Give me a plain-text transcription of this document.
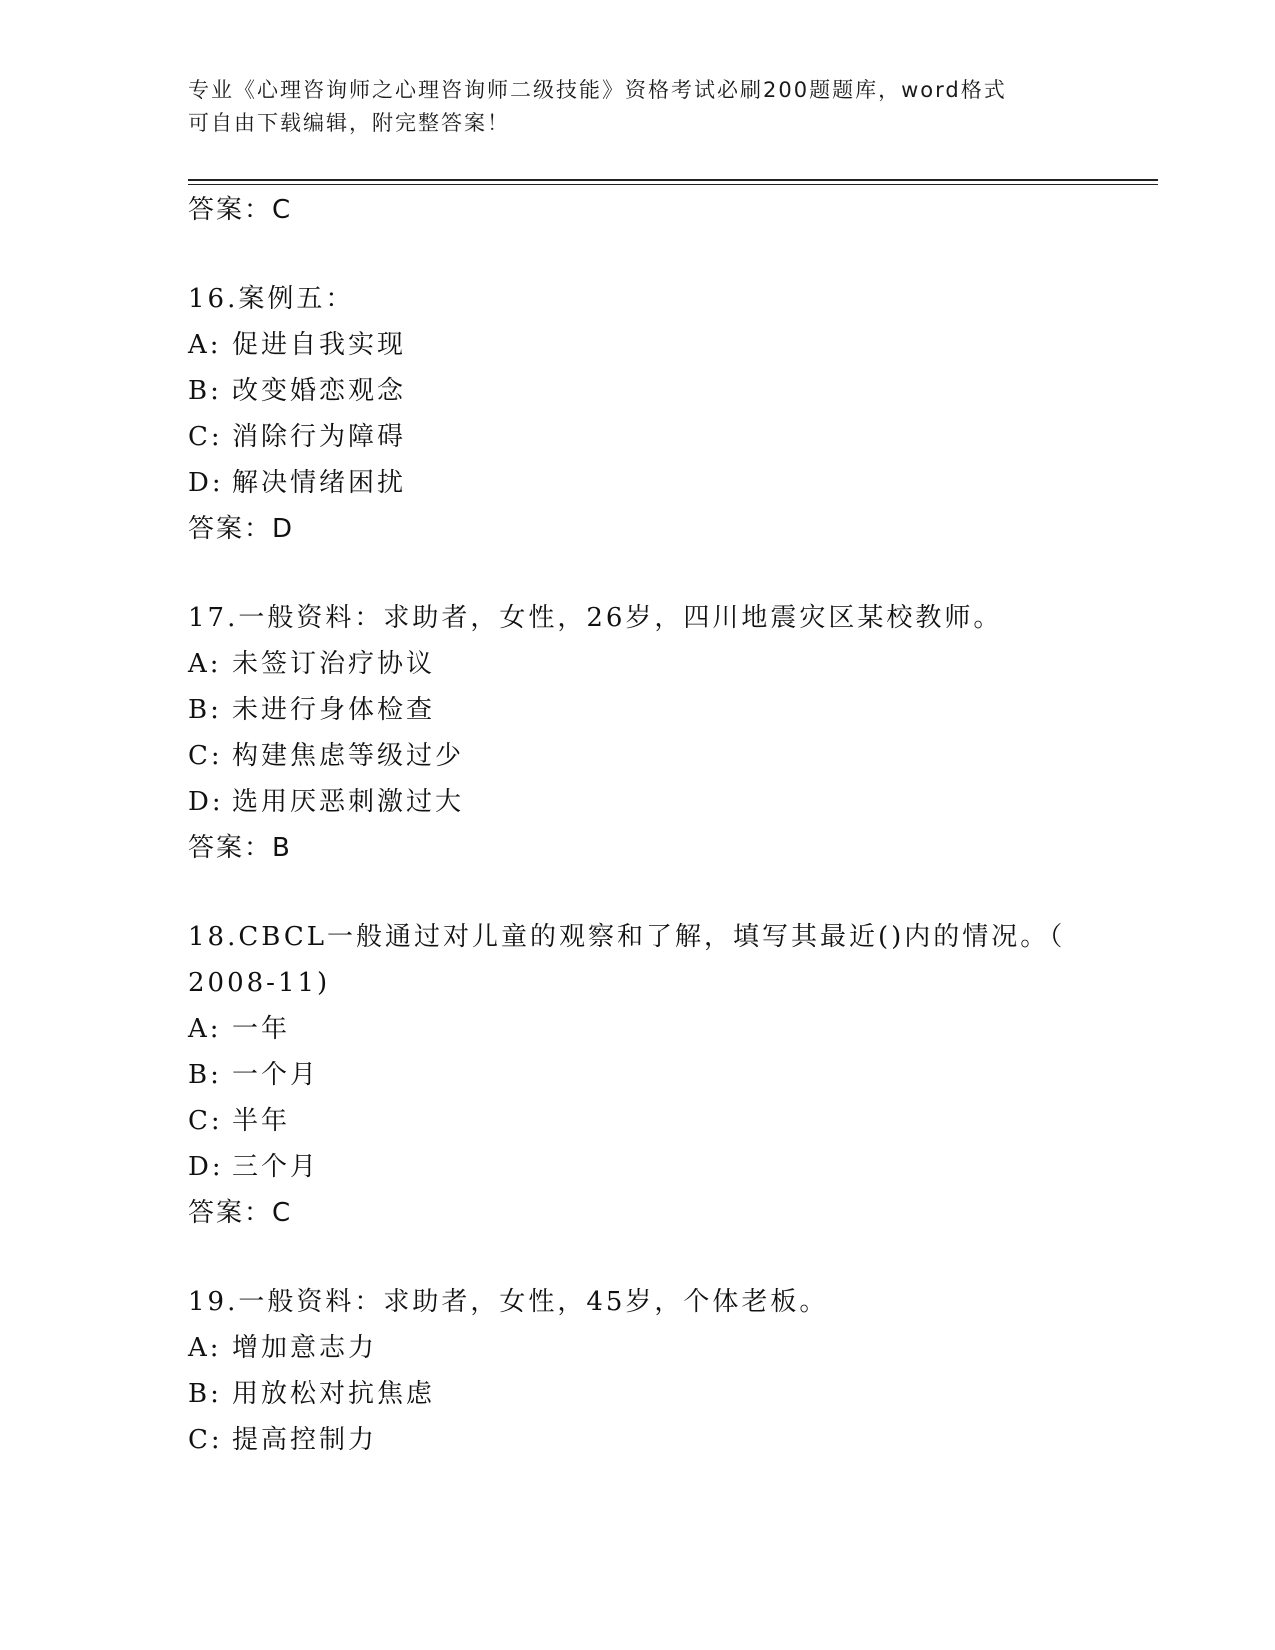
专业《心理咨询师之心理咨询师二级技能》资格考试必刷200题题库，word格式
可自由下载编辑，附完整答案！
答案：C
16.案例五：
A: 促进自我实现
B: 改变婚恋观念
C: 消除行为障碍
D: 解决情绪困扰
答案：D
17.一般资料：求助者，女性，26岁，四川地震灾区某校教师。
A: 未签订治疗协议
B: 未进行身体检查
C: 构建焦虑等级过少
D: 选用厌恶刺激过大
答案：B
18.CBCL一般通过对儿童的观察和了解，填写其最近()内的情况。（
2008-11)
A: 一年
B: 一个月
C: 半年
D: 三个月
答案：C
19.一般资料：求助者，女性，45岁，个体老板。
A: 增加意志力
B: 用放松对抗焦虑
C: 提高控制力
